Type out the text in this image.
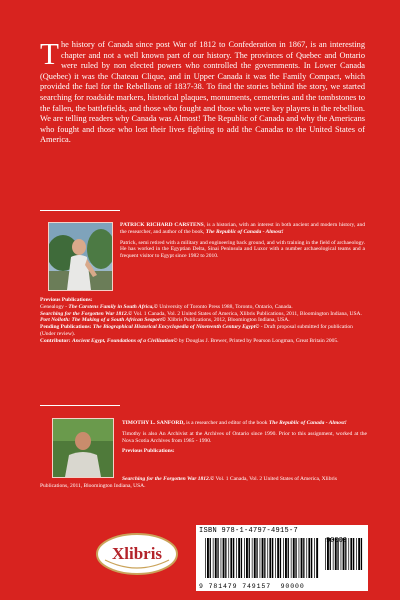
The history of Canada since post War of 1812 to Confederation in 1867, is an interesting chapter and not a well known part of our history. The provinces of Quebec and Ontario were ruled by non elected powers who controlled the governments. In Lower Canada (Quebec) it was the Chateau Clique, and in Upper Canada it was the Family Compact, which provided the fuel for the Rebellions of 1837-38. To find the stories behind the story, we started searching for roadside markers, historical plaques, monuments, cemeteries and the tombstones to the fallen, the battlefields, and those who fought and those who were key players in the rebellion. We are telling readers why Canada was Almost! The Republic of Canada and why the Americans who fought and those who lost their lives fighting to add the Canadas to the United States of America.

PATRICK RICHARD CARSTENS, is a historian, with an interest in both ancient and modern history, and the researcher, and author of the book, The Republic of Canada - Almost!

Patrick, semi retired with a military and engineering back ground, and with training in the field of archaeology. He has worked in the Egyptian Delta, Sinai Peninsula and Luxor with a number archaeological teams and a frequent visitor to Egypt since 1982 to 2010.

Previous Publications:

Genealogy - The Carstens Family in South Africa,© University of Toronto Press 1988, Toronto, Ontario, Canada.

Searching for the Forgotten War 1812.© Vol. 1 Canada, Vol. 2 United States of America, Xlibris Publications, 2011, Bloomington Indiana, USA.

Port Nolloth: The Making of a South African Seaport© Xlibris Publications, 2012, Bloomington Indiana, USA.

Pending Publications: The Biographical Historical Encyclopedia of Nineteenth Century Egypt© - Draft proposal submitted for publication (Under review).

Contributor: Ancient Egypt, Foundations of a Civilization© by Douglas J. Brewer, Printed by Pearson Longman, Great Britain 2005.

TIMOTHY L. SANFORD, is a researcher and editor of the book The Republic of Canada - Almost!

Timothy is also An Archivist at the Archives of Ontario since 1990. Prior to this assignment, worked at the Nova Scotia Archives from 1985 - 1990.

Previous Publications:

Searching for the Forgotten War 1812.© Vol. 1 Canada, Vol. 2 United States of America, Xlibris Publications, 2011, Bloomington Indiana, USA.

Xlibris
ISBN 978-1-4797-4915-7
9 781479 749157 90000
